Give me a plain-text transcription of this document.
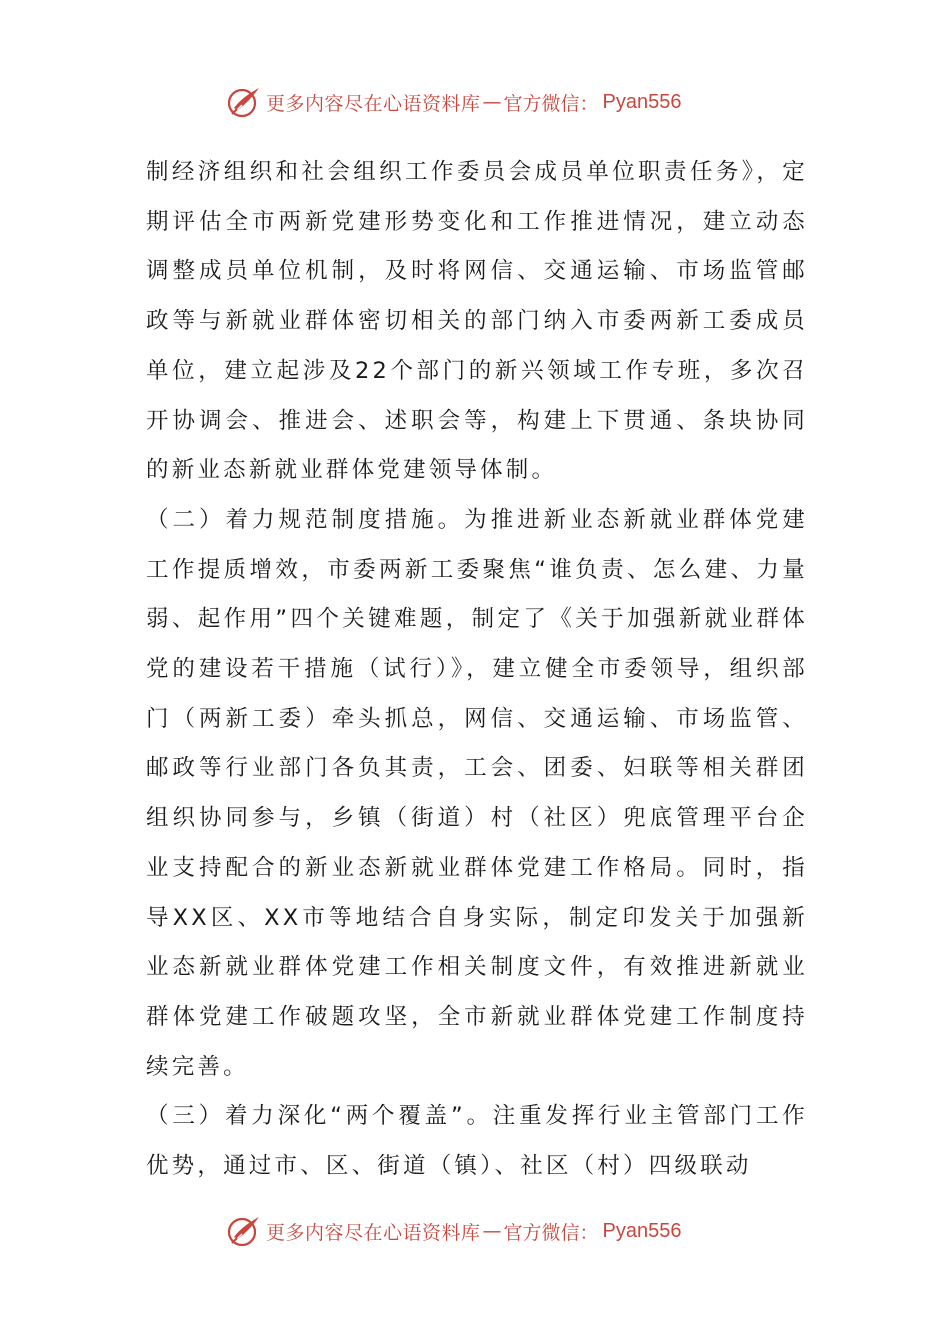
更多内容尽在心语资料库 — 官方微信： Pyan556

制经济组织和社会组织工作委员会成员单位职责任务》，定期评估全市两新党建形势变化和工作推进情况，建立动态调整成员单位机制，及时将网信、交通运输、市场监管邮政等与新就业群体密切相关的部门纳入市委两新工委成员单位，建立起涉及22个部门的新兴领域工作专班，多次召开协调会、推进会、述职会等，构建上下贯通、条块协同的新业态新就业群体党建领导体制。

（二）着力规范制度措施。为推进新业态新就业群体党建工作提质增效，市委两新工委聚焦“谁负责、怎么建、力量弱、起作用”四个关键难题，制定了《关于加强新就业群体党的建设若干措施（试行）》，建立健全市委领导，组织部门（两新工委）牵头抓总，网信、交通运输、市场监管、邮政等行业部门各负其责，工会、团委、妇联等相关群团组织协同参与，乡镇（街道）村（社区）兜底管理平台企业支持配合的新业态新就业群体党建工作格局。同时，指导XX区、XX市等地结合自身实际，制定印发关于加强新业态新就业群体党建工作相关制度文件，有效推进新就业群体党建工作破题攻坚，全市新就业群体党建工作制度持续完善。

（三）着力深化“两个覆盖”。注重发挥行业主管部门工作优势，通过市、区、街道（镇）、社区（村）四级联动

更多内容尽在心语资料库 — 官方微信： Pyan556
